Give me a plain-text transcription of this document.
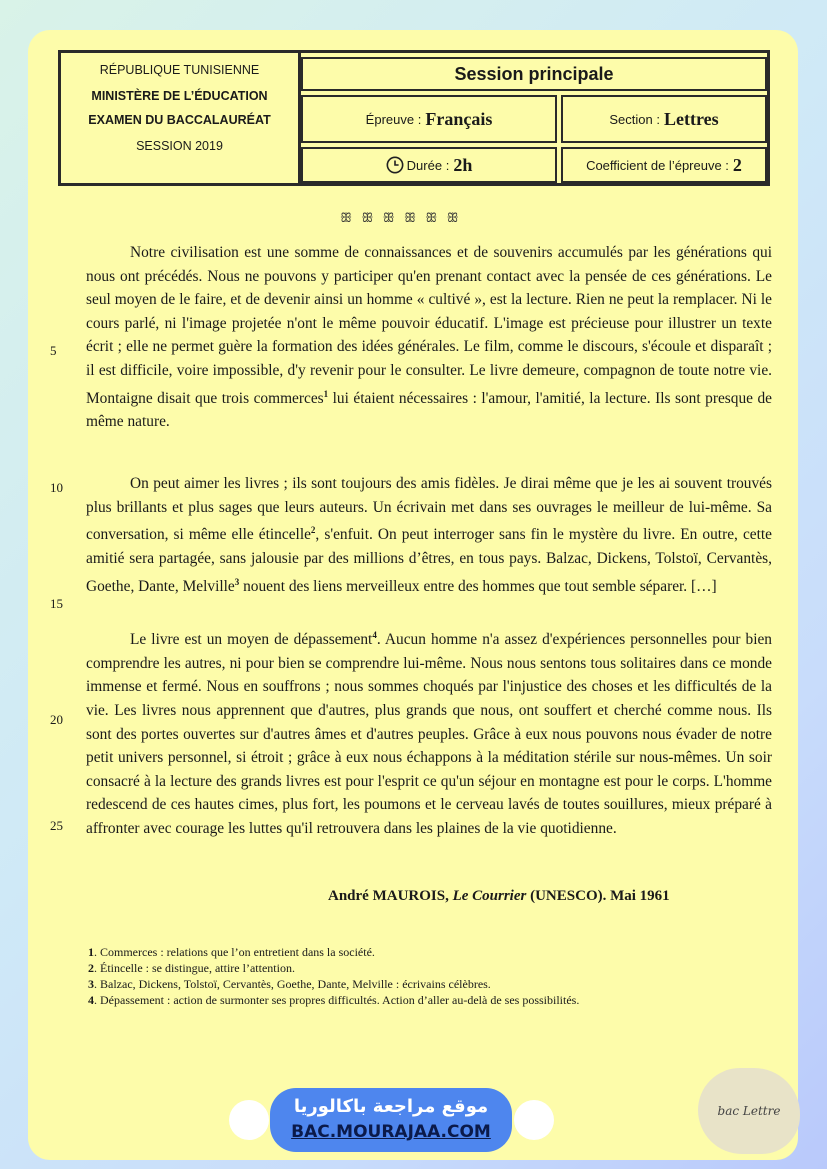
RÉPUBLIQUE TUNISIENNE
MINISTÈRE DE L’ÉDUCATION
EXAMEN DU BACCALAURÉAT
SESSION 2019
Session principale
Épreuve : Français	Section : Lettres
Durée : 2h	Coefficient de l’épreuve : 2
ꕥ ꕥ ꕥ ꕥ ꕥ ꕥ
5
10
15
20
25

Notre civilisation est une somme de connaissances et de souvenirs accumulés par les générations qui nous ont précédés. Nous ne pouvons y participer qu'en prenant contact avec la pensée de ces générations. Le seul moyen de le faire, et de devenir ainsi un homme « cultivé », est la lecture. Rien ne peut la remplacer. Ni le cours parlé, ni l'image projetée n'ont le même pouvoir éducatif. L'image est précieuse pour illustrer un texte écrit ; elle ne permet guère la formation des idées générales. Le film, comme le discours, s'écoule et disparaît ; il est difficile, voire impossible, d'y revenir pour le consulter. Le livre demeure, compagnon de toute notre vie. Montaigne disait que trois commerces$^1$ lui étaient nécessaires : l'amour, l'amitié, la lecture. Ils sont presque de même nature.

On peut aimer les livres ; ils sont toujours des amis fidèles. Je dirai même que je les ai souvent trouvés plus brillants et plus sages que leurs auteurs. Un écrivain met dans ses ouvrages le meilleur de lui-même. Sa conversation, si même elle étincelle$^2$, s'enfuit. On peut interroger sans fin le mystère du livre. En outre, cette amitié sera partagée, sans jalousie par des millions d’êtres, en tous pays. Balzac, Dickens, Tolstoï, Cervantès, Goethe, Dante, Melville$^3$ nouent des liens merveilleux entre des hommes que tout semble séparer. […]

Le livre est un moyen de dépassement$^4$. Aucun homme n'a assez d'expériences personnelles pour bien comprendre les autres, ni pour bien se comprendre lui-même. Nous nous sentons tous solitaires dans ce monde immense et fermé. Nous en souffrons ; nous sommes choqués par l'injustice des choses et les difficultés de la vie. Les livres nous apprennent que d'autres, plus grands que nous, ont souffert et cherché comme nous. Ils sont des portes ouvertes sur d'autres âmes et d'autres peuples. Grâce à eux nous pouvons nous évader de notre petit univers personnel, si étroit ; grâce à eux nous échappons à la méditation stérile sur nous-mêmes. Un soir consacré à la lecture des grands livres est pour l'esprit ce qu'un séjour en montagne est pour le corps. L'homme redescend de ces hautes cimes, plus fort, les poumons et le cerveau lavés de toutes souillures, mieux préparé à affronter avec courage les luttes qu'il retrouvera dans les plaines de la vie quotidienne.

André MAUROIS, Le Courrier (UNESCO). Mai 1961
1. Commerces : relations que l’on entretient dans la société.
2. Étincelle : se distingue, attire l’attention.
3. Balzac, Dickens, Tolstoï, Cervantès, Goethe, Dante, Melville : écrivains célèbres.
4. Dépassement : action de surmonter ses propres difficultés. Action d’aller au-delà de ses possibilités.
موقع مراجعة باكالوريا
BAC.MOURAJAA.COM
bac Lettre
